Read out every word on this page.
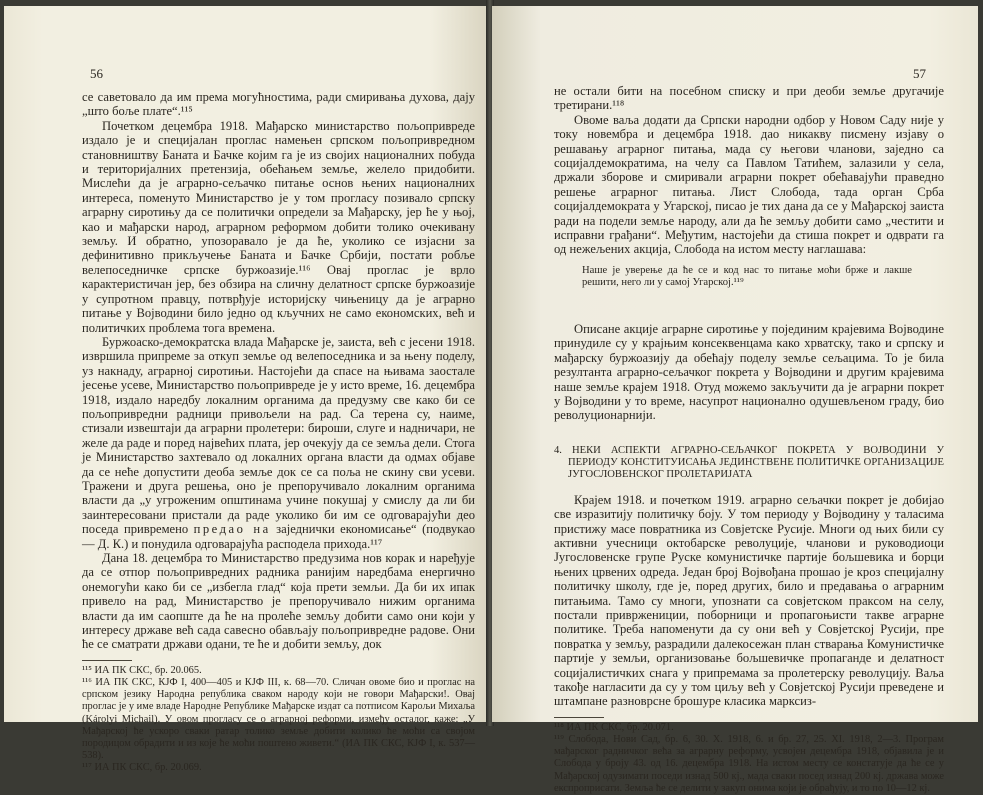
56

се саветовало да им према могућностима, ради смиривања духова, дају „што боље плате“.¹¹⁵

Почетком децембра 1918. Мађарско министарство пољопривреде издало је и специјалан проглас намењен српском пољопривредном становништву Баната и Бачке којим га је из својих националних побуда и територијалних претензија, обећањем земље, желело придобити. Мислећи да је аграрно-сељачко питање основ њених националних интереса, поменуто Министарство је у том прогласу позивало српску аграрну сиротињу да се политички определи за Мађарску, јер ће у њој, као и мађарски народ, аграрном реформом добити толико очекивану земљу. И обратно, упозоравало је да ће, уколико се изјасни за дефинитивно прикључење Баната и Бачке Србији, постати робље велепоседничке српске буржоазије.¹¹⁶ Овај проглас је врло карактеристичан јер, без обзира на сличну делатност српске буржоазије у супротном правцу, потврђује историјску чињеницу да је аграрно питање у Војводини било једно од кључних не само економских, већ и политичких проблема тога времена.

Буржоаско-демократска влада Мађарске је, заиста, већ с јесени 1918. извршила припреме за откуп земље од велепоседника и за њену поделу, уз накнаду, аграрној сиротињи. Настојећи да спасе на њивама заостале јесење усеве, Министарство пољопривреде је у исто време, 16. децембра 1918, издало наредбу локалним органима да предузму све како би се пољопривредни радници привољели на рад. Са терена су, наиме, стизали извештаји да аграрни пролетери: бироши, слуге и надничари, не желе да раде и поред највећих плата, јер очекују да се земља дели. Стога је Министарство захтевало од локалних органа власти да одмах објаве да се неће допустити деоба земље док се са поља не скину сви усеви. Тражени и друга решења, оно је препоручивало локалним органима власти да „у угроженим општинама учине покушај у смислу да ли би заинтересовани пристали да раде уколико би им се одговарајући део поседа привремено предао на заједнички економисање“ (подвукао — Д. К.) и понудила одговарајућа расподела прихода.¹¹⁷

Дана 18. децембра то Министарство предузима нов корак и наређује да се отпор пољопривредних радника ранијим наредбама енергично онемогући како би се „избегла глад“ која прети земљи. Да би их ипак привело на рад, Министарство је препоручивало нижим органима власти да им саопште да ће на пролеће земљу добити само они који у интересу државе већ сада савесно обављају пољопривредне радове. Они ће се сматрати држави одани, те ће и добити земљу, док

¹¹⁵ ИА ПК СКС, бр. 20.065.
¹¹⁶ ИА ПК СКС, КЈФ I, 400—405 и КЈФ III, к. 68—70. Сличан овоме био и проглас на српском језику Народна република сваком народу који не говори Мађарски!. Овај проглас је у име владе Народне Републике Мађарске издат са потписом Карољи Михаља (Károlyi Michail). У овом прогласу се о аграрној реформи, између осталог, каже: „У Мађарској ће ускоро сваки ратар толико земље добити колико ће моћи са својом породицом обрадити и из које ће моћи поштено живети.“ (ИА ПК СКС, КЈФ I, к. 537—538).
¹¹⁷ ИА ПК СКС, бр. 20.069.
57

не остали бити на посебном списку и при деоби земље другачије третирани.¹¹⁸

Овоме ваља додати да Српски народни одбор у Новом Саду није у току новембра и децембра 1918. дао никакву писмену изјаву о решавању аграрног питања, мада су његови чланови, заједно са социјалдемократима, на челу са Павлом Татићем, залазили у села, држали зборове и смиривали аграрни покрет обећавајући праведно решење аграрног питања. Лист Слобода, тада орган Срба социјалдемократа у Угарској, писао је тих дана да се у Мађарској заиста ради на подели земље народу, али да ће земљу добити само „честити и исправни грађани“. Међутим, настојећи да стиша покрет и одврати га од нежељених акција, Слобода на истом месту наглашава:

Наше је уверење да ће се и код нас то питање моћи брже и лакше решити, него ли у самој Угарској.¹¹⁹

Описане акције аграрне сиротиње у појединим крајевима Војводине принудиле су у крајњим консеквенцама како хрватску, тако и српску и мађарску буржоазију да обећају поделу земље сељацима. То је била резултанта аграрно-сељачког покрета у Војводини и другим крајевима наше земље крајем 1918. Отуд можемо закључити да је аграрни покрет у Војводини у то време, насупрот национално одушевљеном граду, био револуционарнији.

4. НЕКИ АСПЕКТИ АГРАРНО-СЕЉАЧКОГ ПОКРЕТА У ВОЈВОДИНИ У ПЕРИОДУ КОНСТИТУИСАЊА ЈЕДИНСТВЕНЕ ПОЛИТИЧКЕ ОРГАНИЗАЦИЈЕ ЈУГОСЛОВЕНСКОГ ПРОЛЕТАРИЈАТА

Крајем 1918. и почетком 1919. аграрно сељачки покрет је добијао све изразитију политичку боју. У том периоду у Војводину у таласима пристижу масе повратника из Совјетске Русије. Многи од њих били су активни учесници октобарске револуције, чланови и руководиоци Југословенске групе Руске комунистичке партије бољшевика и борци њених црвених одреда. Један број Војвођана прошао је кроз специјалну политичку школу, где је, поред других, било и предавања о аграрним питањима. Тамо су многи, упознати са совјетском праксом на селу, постали привржениции, поборници и пропагоњисти такве аграрне политике. Треба напоменути да су они већ у Совјетској Русији, пре повратка у земљу, разрадили далекосежан план стварања Комунистичке партије у земљи, организовање бољшевичке пропаганде и делатност социјалистичких снага у припремама за пролетерску револуцију. Ваља такође нагласити да су у том циљу већ у Совјетској Русији преведене и штампане разноврсне брошуре класика марксиз-

¹¹⁸ ИА ПК СКС, бр. 20.071.
¹¹⁹ Слобода, Нови Сад, бр. 6, 30. X. 1918, 6. и бр. 27, 25. XI. 1918, 2—3. Програм мађарског радничког већа за аграрну реформу, усвојен децембра 1918, објавила је и Слобода у броју 43. од 16. децембра 1918. На истом месту се констатује да ће се у Мађарској одузимати поседи изнад 500 кј., мада сваки посед изнад 200 кј. држава може експроприсати. Земља ће се делити у закуп онима који је обрађују, и то по 10—12 кј.
